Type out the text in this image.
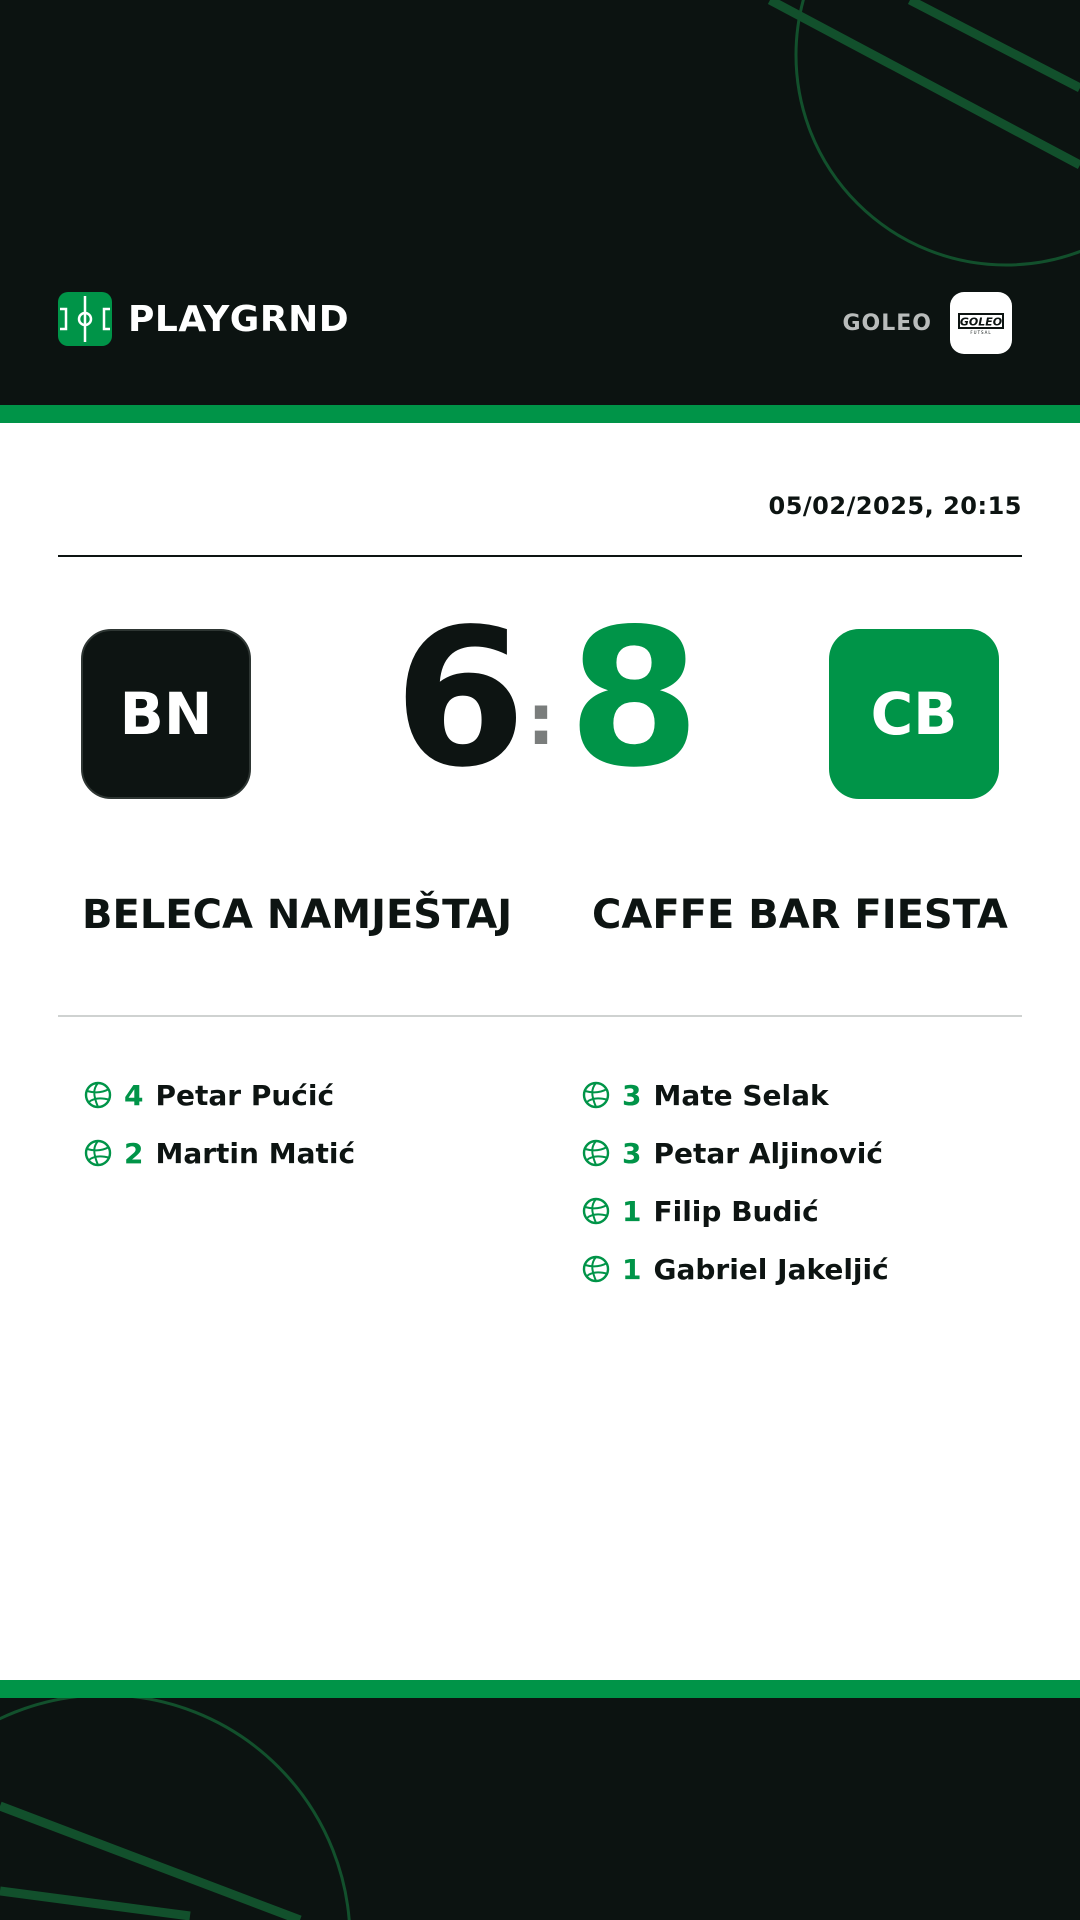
PLAYGRND	GOLEO	GOLEO
FUTSAL
05/02/2025, 20:15
BN 6 : 8	CB
BELECA NAMJEŠTAJ CAFFE BAR FIESTA
4 Petar Pućić
2 Martin Matić
3 Mate Selak
3 Petar Aljinović
1 Filip Budić
1 Gabriel Jakeljić
